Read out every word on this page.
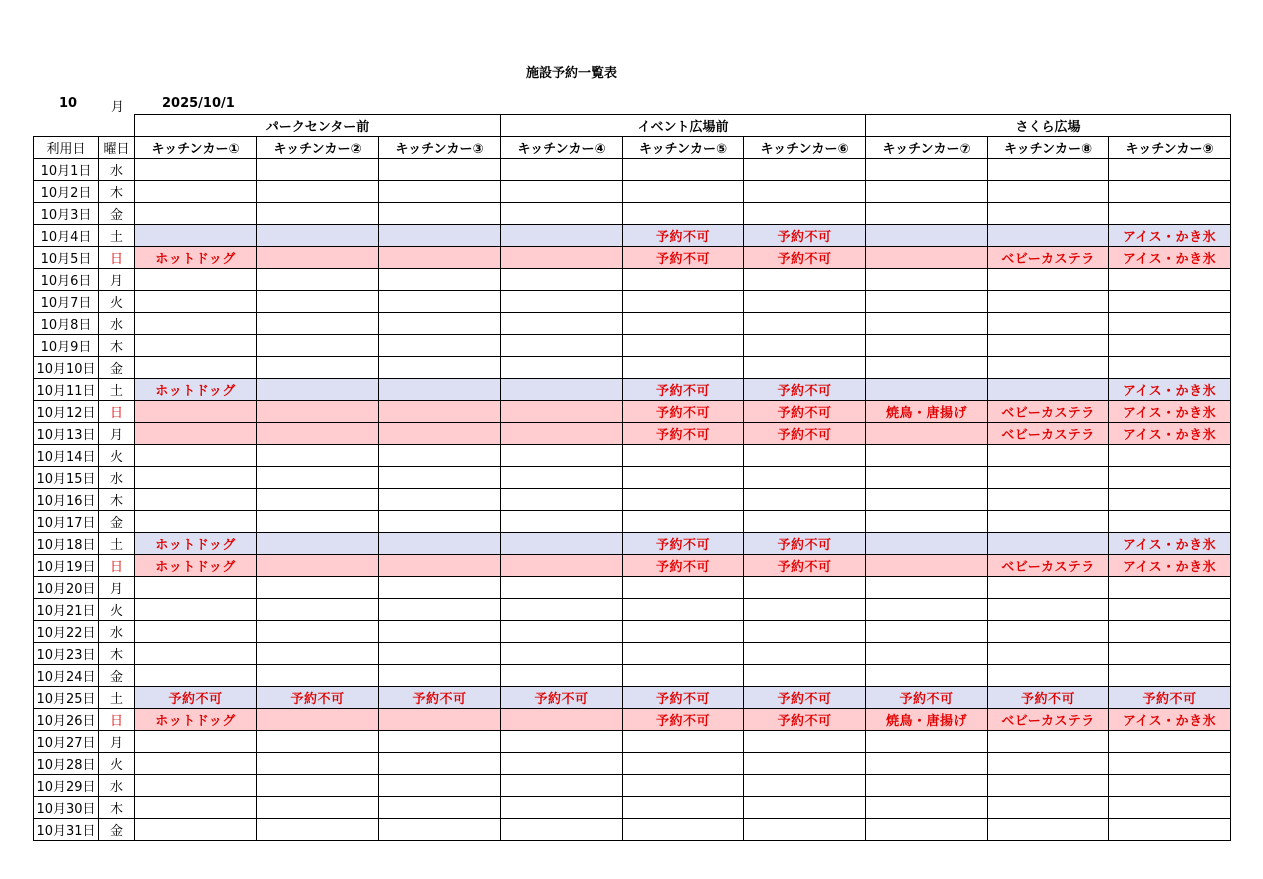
施設予約一覧表
10	月	2025/10/1
		パークセンター前			イベント広場前			さくら広場		
利用日	曜日	キッチンカー①	キッチンカー②	キッチンカー③	キッチンカー④	キッチンカー⑤	キッチンカー⑥	キッチンカー⑦	キッチンカー⑧	キッチンカー⑨
10月1日	水									
10月2日	木									
10月3日	金									
10月4日	土					予約不可	予約不可			アイス・かき氷
10月5日	日	ホットドッグ				予約不可	予約不可		ベビーカステラ	アイス・かき氷
10月6日	月									
10月7日	火									
10月8日	水									
10月9日	木									
10月10日	金									
10月11日	土	ホットドッグ				予約不可	予約不可			アイス・かき氷
10月12日	日					予約不可	予約不可	焼鳥・唐揚げ	ベビーカステラ	アイス・かき氷
10月13日	月					予約不可	予約不可		ベビーカステラ	アイス・かき氷
10月14日	火									
10月15日	水									
10月16日	木									
10月17日	金									
10月18日	土	ホットドッグ				予約不可	予約不可			アイス・かき氷
10月19日	日	ホットドッグ				予約不可	予約不可		ベビーカステラ	アイス・かき氷
10月20日	月									
10月21日	火									
10月22日	水									
10月23日	木									
10月24日	金									
10月25日	土	予約不可	予約不可	予約不可	予約不可	予約不可	予約不可	予約不可	予約不可	予約不可
10月26日	日	ホットドッグ				予約不可	予約不可	焼鳥・唐揚げ	ベビーカステラ	アイス・かき氷
10月27日	月									
10月28日	火									
10月29日	水									
10月30日	木									
10月31日	金									
